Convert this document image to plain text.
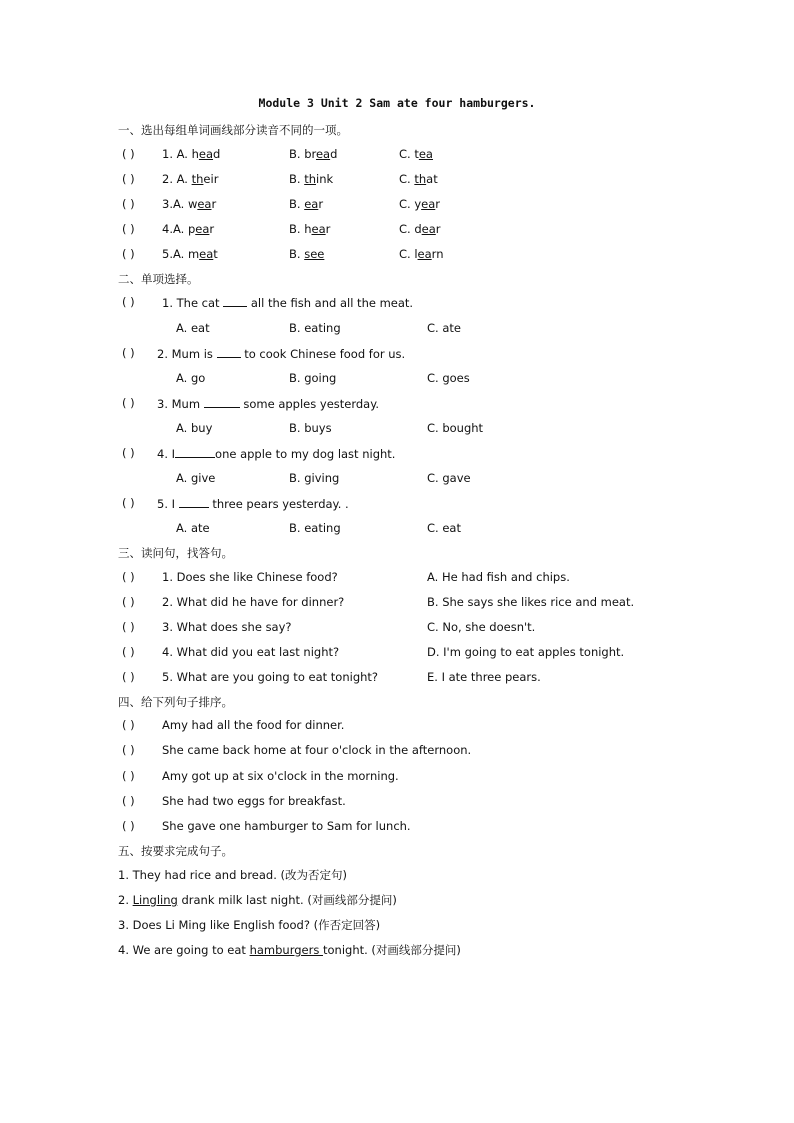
Module 3 Unit 2 Sam ate four hamburgers.
一、选出每组单词画线部分读音不同的一项。
( ) 1. A. head	B. bread	C. tea
( ) 2. A. their	B. think	C. that
( ) 3.A. wear	B. ear	C. year
( ) 4.A. pear	B. hear	C. dear
( ) 5.A. meat	B. see	C. learn
二、单项选择。
( ) 1. The cat	all the fish and all the meat.
A. eat	B. eating	C. ate
( ) 2. Mum is	to cook Chinese food for us.
A. go	B. going	C. goes
( ) 3. Mum	some apples yesterday.
A. buy	B. buys	C. bought
( ) 4. I	one apple to my dog last night.
A. give	B. giving	C. gave
( ) 5. I	three pears yesterday. .
A. ate	B. eating	C. eat
三、读问句，找答句。
( ) 1. Does she like Chinese food?	A. He had fish and chips.
( ) 2. What did he have for dinner?	B. She says she likes rice and meat.
( ) 3. What does she say?	C. No, she doesn't.
( ) 4. What did you eat last night?	D. I'm going to eat apples tonight.
( ) 5. What are you going to eat tonight?	E. I ate three pears.
四、给下列句子排序。
( ) Amy had all the food for dinner.
( ) She came back home at four o'clock in the afternoon.
( ) Amy got up at six o'clock in the morning.
( ) She had two eggs for breakfast.
( ) She gave one hamburger to Sam for lunch.
五、按要求完成句子。
1. They had rice and bread. (改为否定句)
2. Lingling drank milk last night. (对画线部分提问)
3. Does Li Ming like English food? (作否定回答)
4. We are going to eat hamburgers tonight. (对画线部分提问)
